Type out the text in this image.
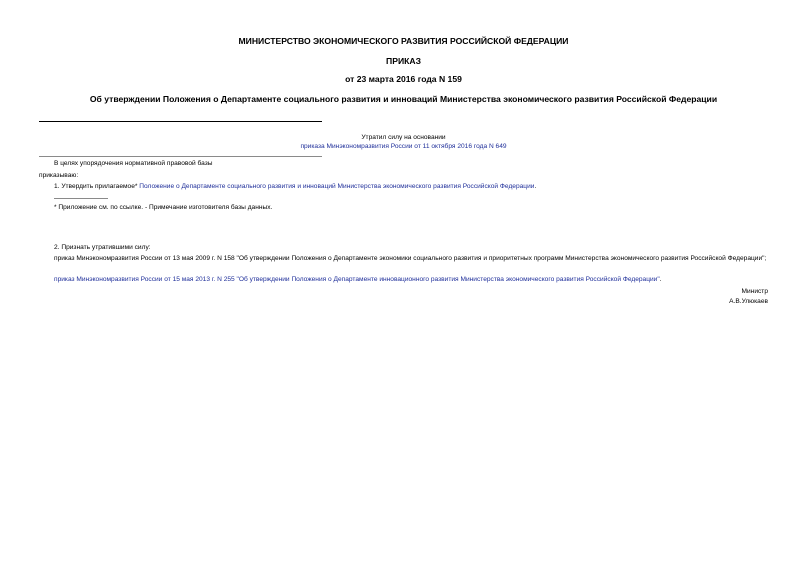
МИНИСТЕРСТВО ЭКОНОМИЧЕСКОГО РАЗВИТИЯ РОССИЙСКОЙ ФЕДЕРАЦИИ
ПРИКАЗ
от 23 марта 2016 года N 159
Об утверждении Положения о Департаменте социального развития и инноваций Министерства экономического развития Российской Федерации
Утратил силу на основании
приказа Минэкономразвития России от 11 октября 2016 года N 649
В целях упорядочения нормативной правовой базы
приказываю:
1. Утвердить прилагаемое* Положение о Департаменте социального развития и инноваций Министерства экономического развития Российской Федерации.
* Приложение см. по ссылке. - Примечание изготовителя базы данных.
2. Признать утратившими силу:
приказ Минэкономразвития России от 13 мая 2009 г. N 158 "Об утверждении Положения о Департаменте экономики социального развития и приоритетных программ Министерства экономического развития Российской Федерации";
приказ Минэкономразвития России от 15 мая 2013 г. N 255 "Об утверждении Положения о Департаменте инновационного развития Министерства экономического развития Российской Федерации".
Министр
А.В.Улюкаев
